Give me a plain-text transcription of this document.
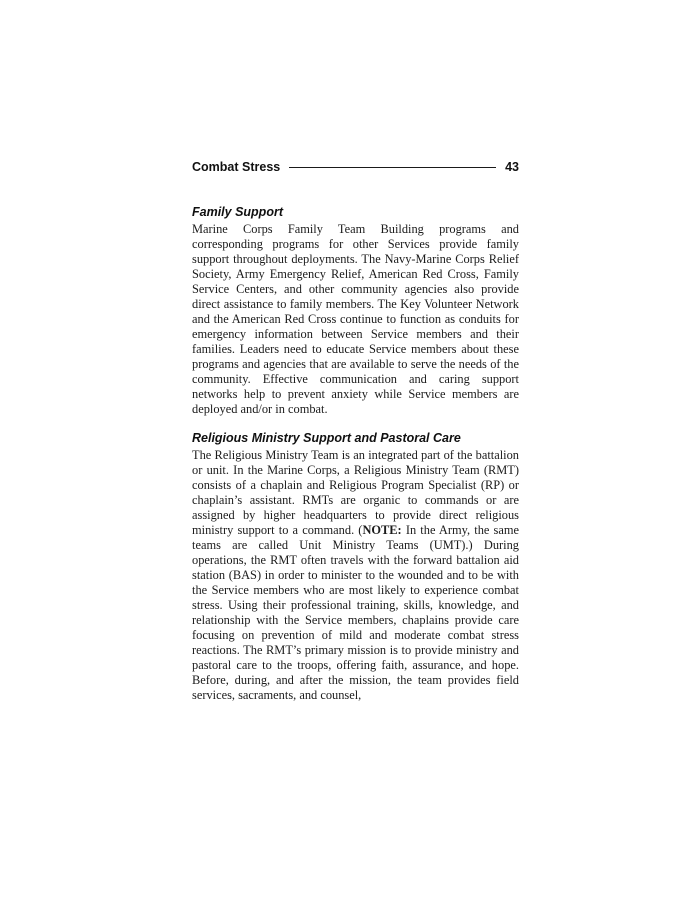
Combat Stress	43
Family Support

Marine Corps Family Team Building programs and corresponding programs for other Services provide family support throughout deployments. The Navy-Marine Corps Relief Society, Army Emergency Relief, American Red Cross, Family Service Centers, and other community agencies also provide direct assistance to family members. The Key Volunteer Network and the American Red Cross continue to function as conduits for emergency information between Service members and their families. Leaders need to educate Service members about these programs and agencies that are available to serve the needs of the community. Effective communication and caring support networks help to prevent anxiety while Service members are deployed and/or in combat.

Religious Ministry Support and Pastoral Care

The Religious Ministry Team is an integrated part of the battalion or unit. In the Marine Corps, a Religious Ministry Team (RMT) consists of a chaplain and Religious Program Specialist (RP) or chaplain’s assistant. RMTs are organic to commands or are assigned by higher headquarters to provide direct religious ministry support to a command. (NOTE: In the Army, the same teams are called Unit Ministry Teams (UMT).) During operations, the RMT often travels with the forward battalion aid station (BAS) in order to minister to the wounded and to be with the Service members who are most likely to experience combat stress. Using their professional training, skills, knowledge, and relationship with the Service members, chaplains provide care focusing on prevention of mild and moderate combat stress reactions. The RMT’s primary mission is to provide ministry and pastoral care to the troops, offering faith, assurance, and hope. Before, during, and after the mission, the team provides field services, sacraments, and counsel,
